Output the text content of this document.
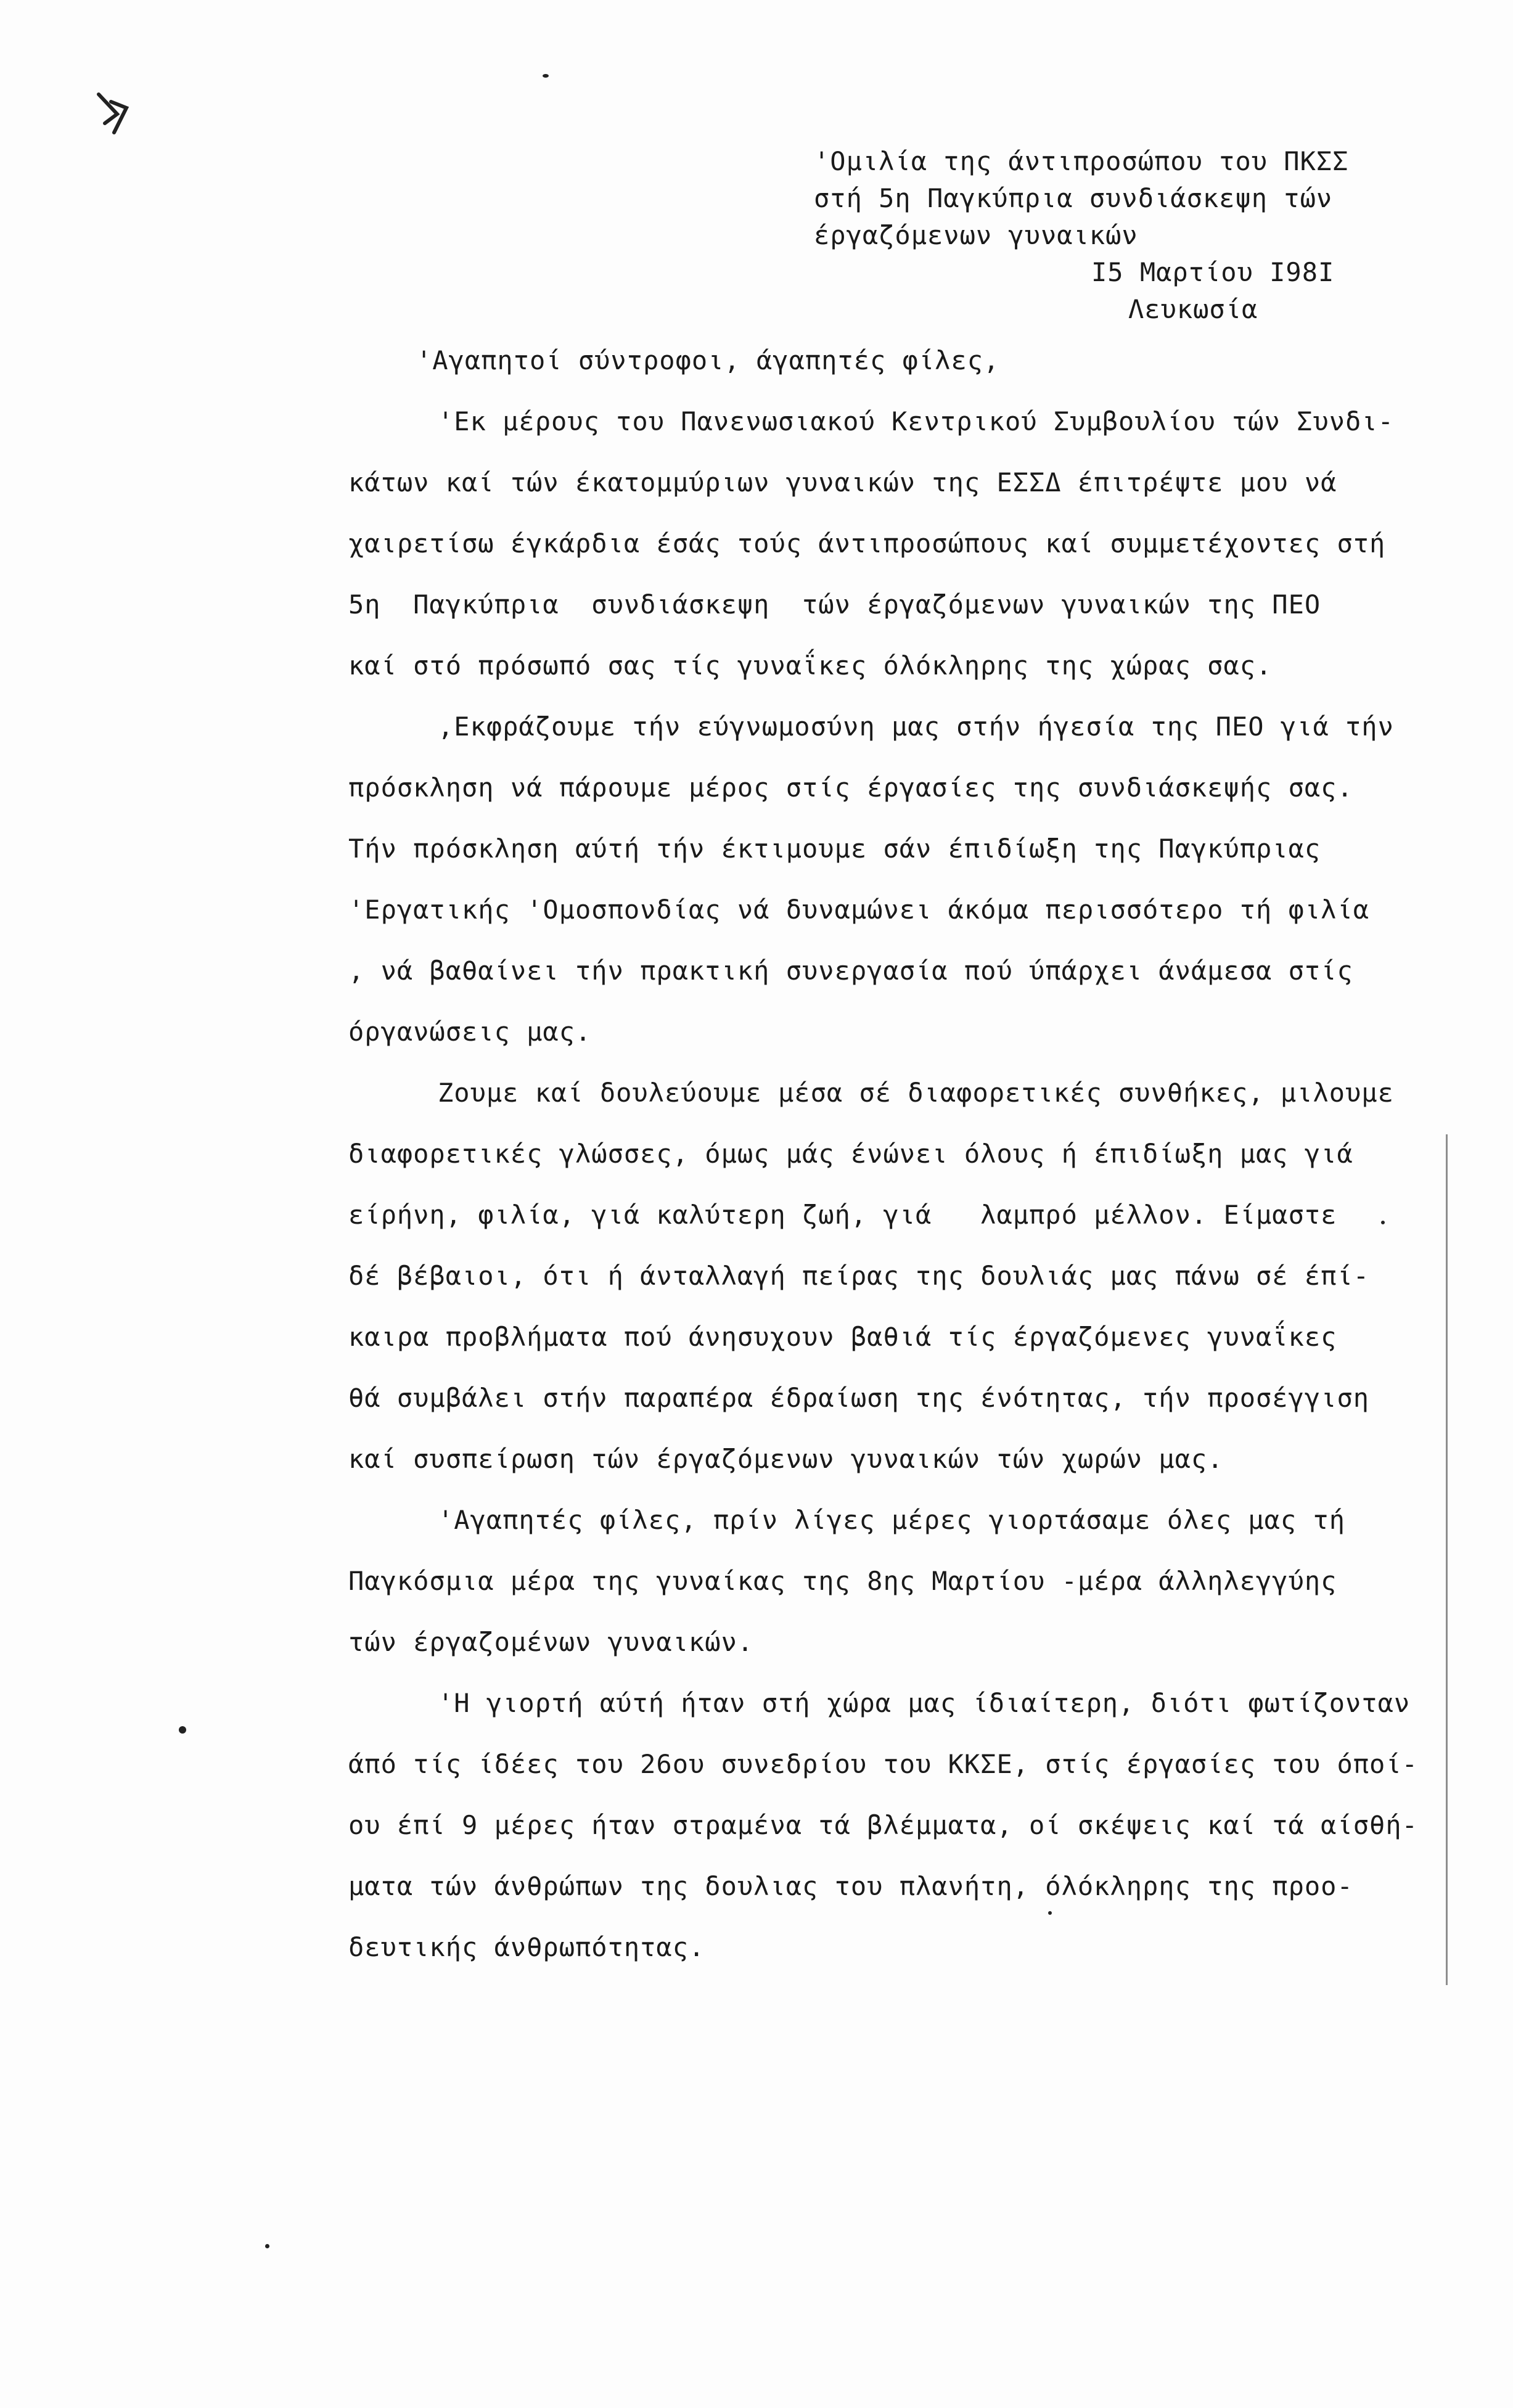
'Ομιλία της άντιπροσώπου του ΠΚΣΣ
στή 5η Παγκύπρια συνδιάσκεψη τών
έργαζόμενων γυναικών
Ι5 Μαρτίου Ι98Ι
Λευκωσία
'Αγαπητοί σύντροφοι, άγαπητές φίλες,
'Εκ μέρους του Πανενωσιακού Κεντρικού Συμβουλίου τών Συνδι-
κάτων καί τών έκατομμύριων γυναικών της ΕΣΣΔ έπιτρέψτε μου νά
χαιρετίσω έγκάρδια έσάς τούς άντιπροσώπους καί συμμετέχοντες στή
5η  Παγκύπρια  συνδιάσκεψη  τών έργαζόμενων γυναικών της ΠΕΟ
καί στό πρόσωπό σας τίς γυναΐκες όλόκληρης της χώρας σας.
,Εκφράζουμε τήν εύγνωμοσύνη μας στήν ήγεσία της ΠΕΟ γιά τήν
πρόσκληση νά πάρουμε μέρος στίς έργασίες της συνδιάσκεψής σας.
Τήν πρόσκληση αύτή τήν έκτιμουμε σάν έπιδίωξη της Παγκύπριας
'Εργατικής 'Ομοσπονδίας νά δυναμώνει άκόμα περισσότερο τή φιλία
, νά βαθαίνει τήν πρακτική συνεργασία πού ύπάρχει άνάμεσα στίς
όργανώσεις μας.
Ζουμε καί δουλεύουμε μέσα σέ διαφορετικές συνθήκες, μιλουμε
διαφορετικές γλώσσες, όμως μάς ένώνει όλους ή έπιδίωξη μας γιά
είρήνη, φιλία, γιά καλύτερη ζωή, γιά   λαμπρό μέλλον. Είμαστε
δέ βέβαιοι, ότι ή άνταλλαγή πείρας της δουλιάς μας πάνω σέ έπί-
καιρα προβλήματα πού άνησυχουν βαθιά τίς έργαζόμενες γυναΐκες
θά συμβάλει στήν παραπέρα έδραίωση της ένότητας, τήν προσέγγιση
καί συσπείρωση τών έργαζόμενων γυναικών τών χωρών μας.
'Αγαπητές φίλες, πρίν λίγες μέρες γιορτάσαμε όλες μας τή
Παγκόσμια μέρα της γυναίκας της 8ης Μαρτίου -μέρα άλληλεγγύης
τών έργαζομένων γυναικών.
'Η γιορτή αύτή ήταν στή χώρα μας ίδιαίτερη, διότι φωτίζονταν
άπό τίς ίδέες του 26ου συνεδρίου του ΚΚΣΕ, στίς έργασίες του όποί-
ου έπί 9 μέρες ήταν στραμένα τά βλέμματα, οί σκέψεις καί τά αίσθή-
ματα τών άνθρώπων της δουλιας του πλανήτη, όλόκληρης της προο-
δευτικής άνθρωπότητας.
